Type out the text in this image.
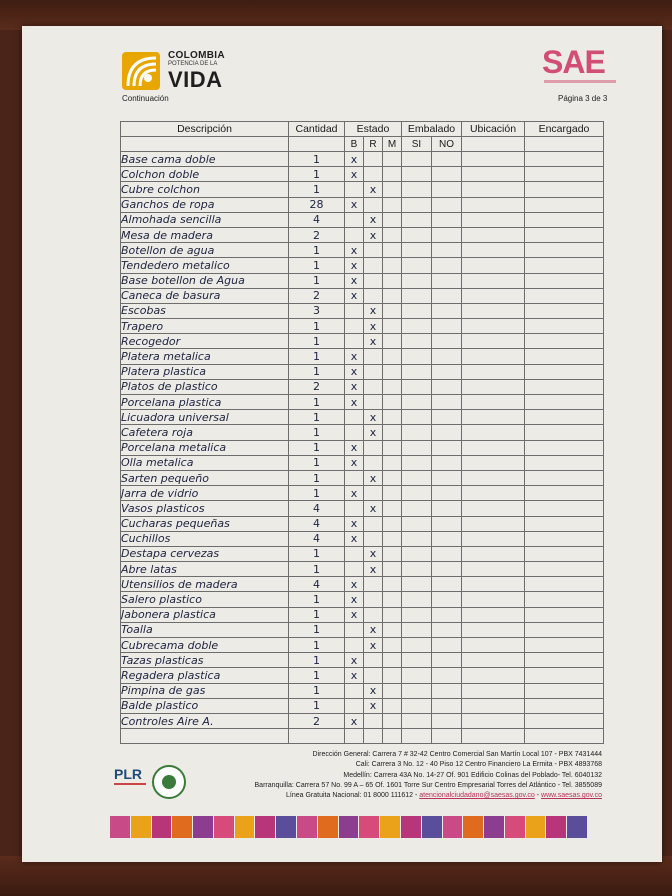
COLOMBIA
POTENCIA DE LA
VIDA
Continuación
SAE
Página 3 de 3
Descripción	Cantidad	Estado			Embalado		Ubicación	Encargado
		B	R	M	SI	NO		
Base cama doble	1	x						
Colchon doble	1	x						
Cubre colchon	1		x					
Ganchos de ropa	28	x						
Almohada sencilla	4		x					
Mesa de madera	2		x					
Botellon de agua	1	x						
Tendedero metalico	1	x						
Base botellon de Agua	1	x						
Caneca de basura	2	x						
Escobas	3		x					
Trapero	1		x					
Recogedor	1		x					
Platera metalica	1	x						
Platera plastica	1	x						
Platos de plastico	2	x						
Porcelana plastica	1	x						
Licuadora universal	1		x					
Cafetera roja	1		x					
Porcelana metalica	1	x						
Olla metalica	1	x						
Sarten pequeño	1		x					
Jarra de vidrio	1	x						
Vasos plasticos	4		x					
Cucharas pequeñas	4	x						
Cuchillos	4	x						
Destapa cervezas	1		x					
Abre latas	1		x					
Utensilios de madera	4	x						
Salero plastico	1	x						
Jabonera plastica	1	x						
Toalla	1		x					
Cubrecama doble	1		x					
Tazas plasticas	1	x						
Regadera plastica	1	x						
Pimpina de gas	1		x					
Balde plastico	1		x					
Controles Aire A.	2	x						

PLR
Dirección General: Carrera 7 # 32-42 Centro Comercial San Martín Local 107 - PBX 7431444
Cali: Carrera 3 No. 12 - 40 Piso 12 Centro Financiero La Ermita - PBX 4893768
Medellín: Carrera 43A No. 14-27 Of. 901 Edificio Colinas del Poblado- Tel. 6040132
Barranquilla: Carrera 57 No. 99 A – 65 Of. 1601 Torre Sur Centro Empresarial Torres del Atlántico - Tel. 3855089
Línea Gratuita Nacional: 01 8000 111612 - atencionalciudadano@saesas.gov.co - www.saesas.gov.co
